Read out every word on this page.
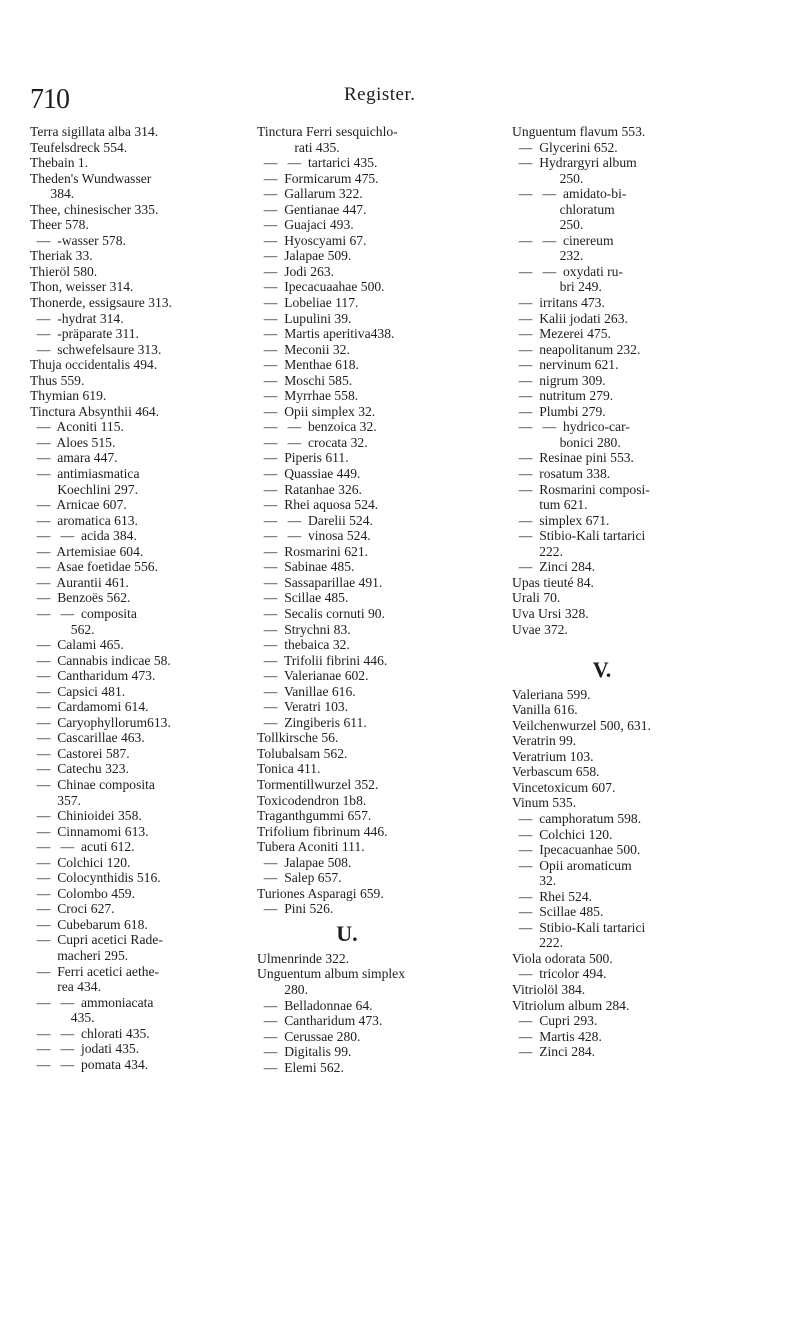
710	Register.
Terra sigillata alba 314.
Teufelsdreck 554.
Thebain 1.
Theden's Wundwasser
384.
Thee, chinesischer 335.
Theer 578.
—  -wasser 578.
Theriak 33.
Thieröl 580.
Thon, weisser 314.
Thonerde, essigsaure 313.
—  -hydrat 314.
—  -präparate 311.
—  schwefelsaure 313.
Thuja occidentalis 494.
Thus 559.
Thymian 619.
Tinctura Absynthii 464.
—  Aconiti 115.
—  Aloes 515.
—  amara 447.
—  antimiasmatica
Koechlini 297.
—  Arnicae 607.
—  aromatica 613.
—   —  acida 384.
—  Artemisiae 604.
—  Asae foetidae 556.
—  Aurantii 461.
—  Benzoës 562.
—   —  composita
562.
—  Calami 465.
—  Cannabis indicae 58.
—  Cantharidum 473.
—  Capsici 481.
—  Cardamomi 614.
—  Caryophyllorum613.
—  Cascarillae 463.
—  Castorei 587.
—  Catechu 323.
—  Chinae composita
357.
—  Chinioidei 358.
—  Cinnamomi 613.
—   —  acuti 612.
—  Colchici 120.
—  Colocynthidis 516.
—  Colombo 459.
—  Croci 627.
—  Cubebarum 618.
—  Cupri acetici Rade-
macheri 295.
—  Ferri acetici aethe-
rea 434.
—   —  ammoniacata
435.
—   —  chlorati 435.
—   —  jodati 435.
—   —  pomata 434.
Tinctura Ferri sesquichlo-
rati 435.
—   —  tartarici 435.
—  Formicarum 475.
—  Gallarum 322.
—  Gentianae 447.
—  Guajaci 493.
—  Hyoscyami 67.
—  Jalapae 509.
—  Jodi 263.
—  Ipecacuaahae 500.
—  Lobeliae 117.
—  Lupulini 39.
—  Martis aperitiva438.
—  Meconii 32.
—  Menthae 618.
—  Moschi 585.
—  Myrrhae 558.
—  Opii simplex 32.
—   —  benzoica 32.
—   —  crocata 32.
—  Piperis 611.
—  Quassiae 449.
—  Ratanhae 326.
—  Rhei aquosa 524.
—   —  Darelii 524.
—   —  vinosa 524.
—  Rosmarini 621.
—  Sabinae 485.
—  Sassaparillae 491.
—  Scillae 485.
—  Secalis cornuti 90.
—  Strychni 83.
—  thebaica 32.
—  Trifolii fibrini 446.
—  Valerianae 602.
—  Vanillae 616.
—  Veratri 103.
—  Zingiberis 611.
Tollkirsche 56.
Tolubalsam 562.
Tonica 411.
Tormentillwurzel 352.
Toxicodendron 1b8.
Traganthgummi 657.
Trifolium fibrinum 446.
Tubera Aconiti 111.
—  Jalapae 508.
—  Salep 657.
Turiones Asparagi 659.
—  Pini 526.
U.
Ulmenrinde 322.
Unguentum album simplex
280.
—  Belladonnae 64.
—  Cantharidum 473.
—  Cerussae 280.
—  Digitalis 99.
—  Elemi 562.
Unguentum flavum 553.
—  Glycerini 652.
—  Hydrargyri album
250.
—   —  amidato-bi-
chloratum
250.
—   —  cinereum
232.
—   —  oxydati ru-
bri 249.
—  irritans 473.
—  Kalii jodati 263.
—  Mezerei 475.
—  neapolitanum 232.
—  nervinum 621.
—  nigrum 309.
—  nutritum 279.
—  Plumbi 279.
—   —  hydrico-car-
bonici 280.
—  Resinae pini 553.
—  rosatum 338.
—  Rosmarini composi-
tum 621.
—  simplex 671.
—  Stibio-Kali tartarici
222.
—  Zinci 284.
Upas tieuté 84.
Urali 70.
Uva Ursi 328.
Uvae 372.
V.
Valeriana 599.
Vanilla 616.
Veilchenwurzel 500, 631.
Veratrin 99.
Veratrium 103.
Verbascum 658.
Vincetoxicum 607.
Vinum 535.
—  camphoratum 598.
—  Colchici 120.
—  Ipecacuanhae 500.
—  Opii aromaticum
32.
—  Rhei 524.
—  Scillae 485.
—  Stibio-Kali tartarici
222.
Viola odorata 500.
—  tricolor 494.
Vitriolöl 384.
Vitriolum album 284.
—  Cupri 293.
—  Martis 428.
—  Zinci 284.
